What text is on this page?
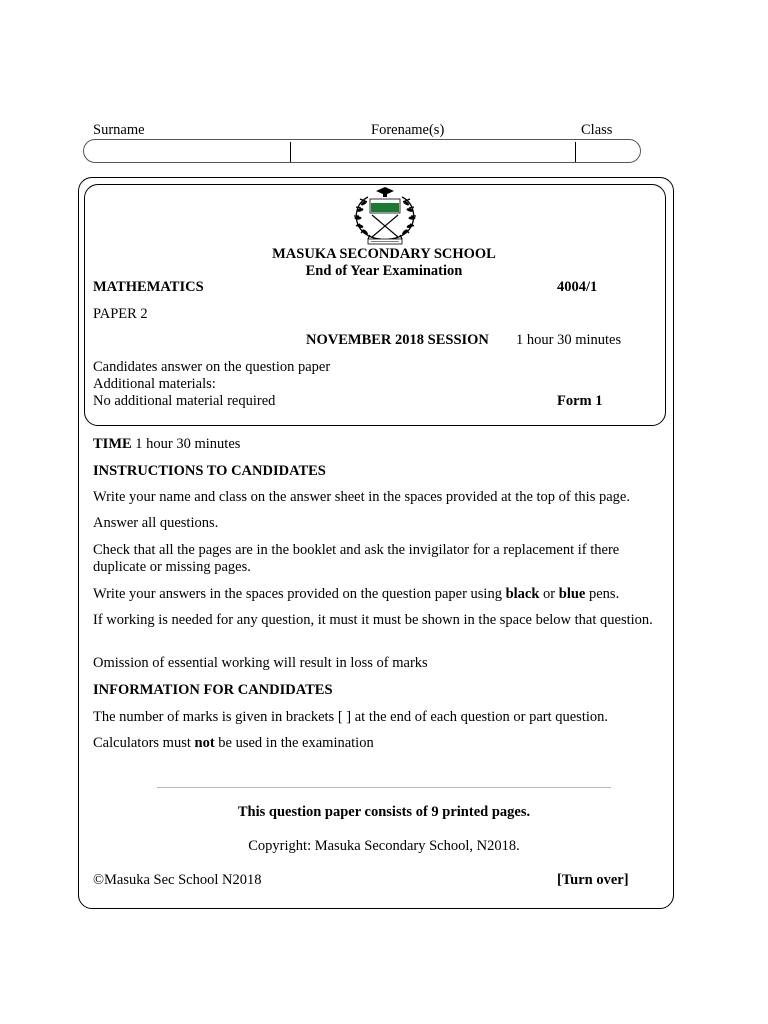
Surname	Forename(s)	Class
MASUKA SECONDARY SCHOOL
End of Year Examination
MATHEMATICS	4004/1
PAPER 2
NOVEMBER 2018 SESSION 1 hour 30 minutes
Candidates answer on the question paper
Additional materials:
No additional material required	Form 1
TIME 1 hour 30 minutes
INSTRUCTIONS TO CANDIDATES
Write your name and class on the answer sheet in the spaces provided at the top of this page.
Answer all questions.
Check that all the pages are in the booklet and ask the invigilator for a replacement if there duplicate or missing pages.
Write your answers in the spaces provided on the question paper using black or blue pens.
If working is needed for any question, it must it must be shown in the space below that question.
Omission of essential working will result in loss of marks
INFORMATION FOR CANDIDATES
The number of marks is given in brackets [ ] at the end of each question or part question.
Calculators must not be used in the examination
This question paper consists of 9 printed pages.
Copyright: Masuka Secondary School, N2018.
©Masuka Sec School N2018	[Turn over]
